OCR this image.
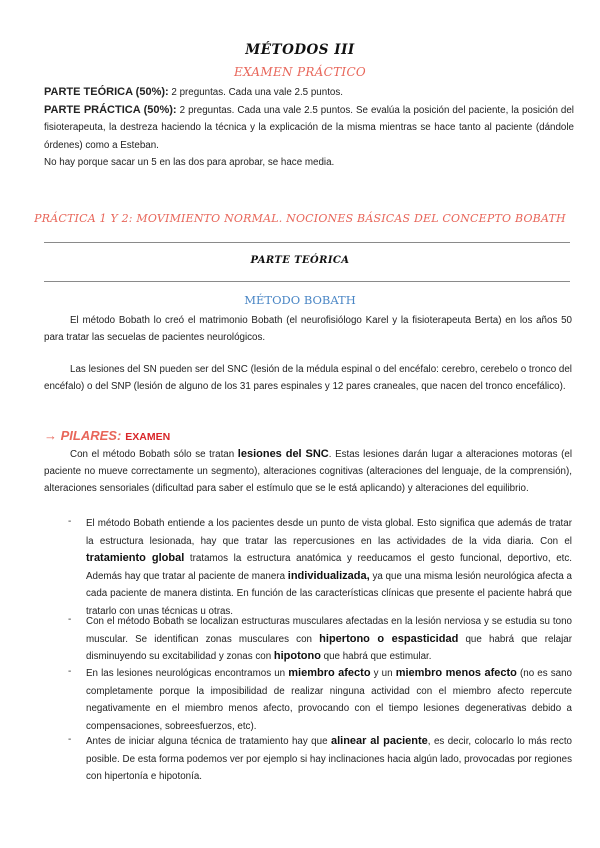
MÉTODOS III
EXAMEN PRÁCTICO
PARTE TEÓRICA (50%): 2 preguntas. Cada una vale 2.5 puntos.
PARTE PRÁCTICA (50%): 2 preguntas. Cada una vale 2.5 puntos. Se evalúa la posición del paciente, la posición del fisioterapeuta, la destreza haciendo la técnica y la explicación de la misma mientras se hace tanto al paciente (dándole órdenes) como a Esteban.
No hay porque sacar un 5 en las dos para aprobar, se hace media.
PRÁCTICA 1 Y 2: MOVIMIENTO NORMAL. NOCIONES BÁSICAS DEL CONCEPTO BOBATH
PARTE TEÓRICA
MÉTODO BOBATH
El método Bobath lo creó el matrimonio Bobath (el neurofisiólogo Karel y la fisioterapeuta Berta) en los años 50 para tratar las secuelas de pacientes neurológicos.
Las lesiones del SN pueden ser del SNC (lesión de la médula espinal o del encéfalo: cerebro, cerebelo o tronco del encéfalo) o del SNP (lesión de alguno de los 31 pares espinales y 12 pares craneales, que nacen del tronco encefálico).
→ PILARES: EXAMEN
Con el método Bobath sólo se tratan lesiones del SNC. Estas lesiones darán lugar a alteraciones motoras (el paciente no mueve correctamente un segmento), alteraciones cognitivas (alteraciones del lenguaje, de la comprensión), alteraciones sensoriales (dificultad para saber el estímulo que se le está aplicando) y alteraciones del equilibrio.
- El método Bobath entiende a los pacientes desde un punto de vista global. Esto significa que además de tratar la estructura lesionada, hay que tratar las repercusiones en las actividades de la vida diaria. Con el tratamiento global tratamos la estructura anatómica y reeducamos el gesto funcional, deportivo, etc. Además hay que tratar al paciente de manera individualizada, ya que una misma lesión neurológica afecta a cada paciente de manera distinta. En función de las características clínicas que presente el paciente habrá que tratarlo con unas técnicas u otras.
- Con el método Bobath se localizan estructuras musculares afectadas en la lesión nerviosa y se estudia su tono muscular. Se identifican zonas musculares con hipertono o espasticidad que habrá que relajar disminuyendo su excitabilidad y zonas con hipotono que habrá que estimular.
- En las lesiones neurológicas encontramos un miembro afecto y un miembro menos afecto (no es sano completamente porque la imposibilidad de realizar ninguna actividad con el miembro afecto repercute negativamente en el miembro menos afecto, provocando con el tiempo lesiones degenerativas debido a compensaciones, sobreesfuerzos, etc).
- Antes de iniciar alguna técnica de tratamiento hay que alinear al paciente, es decir, colocarlo lo más recto posible. De esta forma podemos ver por ejemplo si hay inclinaciones hacia algún lado, provocadas por regiones con hipertonía e hipotonía.
